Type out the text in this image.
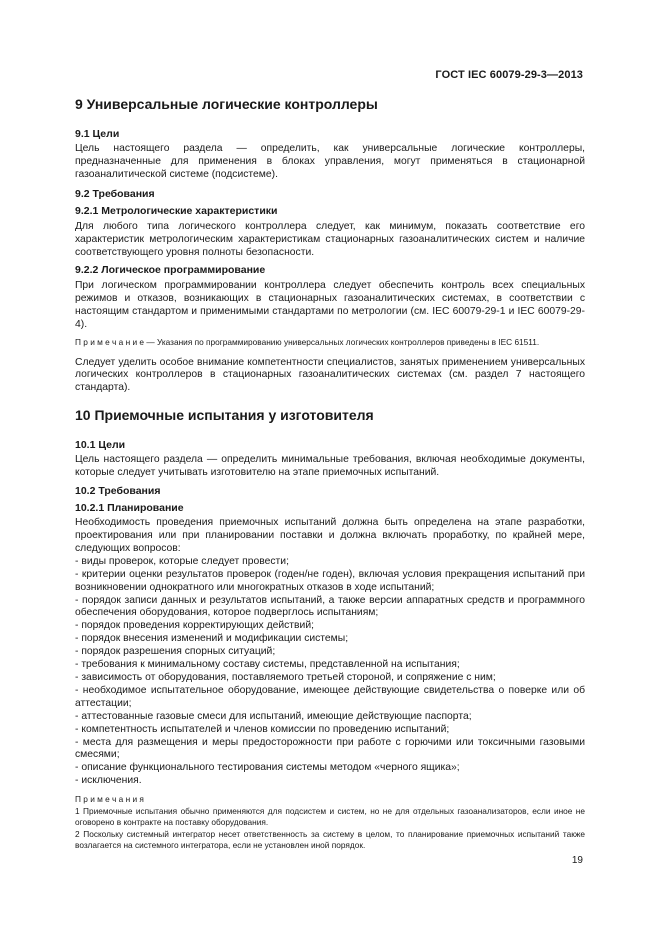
ГОСТ IEC 60079-29-3—2013
9 Универсальные логические контроллеры
9.1 Цели

Цель настоящего раздела — определить, как универсальные логические контроллеры, предназначенные для применения в блоках управления, могут применяться в стационарной газоаналитической системе (подсистеме).

9.2 Требования
9.2.1 Метрологические характеристики

Для любого типа логического контроллера следует, как минимум, показать соответствие его характеристик метрологическим характеристикам стационарных газоаналитических систем и наличие соответствующего уровня полноты безопасности.

9.2.2 Логическое программирование

При логическом программировании контроллера следует обеспечить контроль всех специальных режимов и отказов, возникающих в стационарных газоаналитических системах, в соответствии с настоящим стандартом и применимыми стандартами по метрологии (см. IEC 60079-29-1 и IEC 60079-29-4).

П р и м е ч а н и е — Указания по программированию универсальных логических контроллеров приведены в IEC 61511.

Следует уделить особое внимание компетентности специалистов, занятых применением универсальных логических контроллеров в стационарных газоаналитических системах (см. раздел 7 настоящего стандарта).

10 Приемочные испытания у изготовителя
10.1 Цели

Цель настоящего раздела — определить минимальные требования, включая необходимые документы, которые следует учитывать изготовителю на этапе приемочных испытаний.

10.2 Требования
10.2.1 Планирование

Необходимость проведения приемочных испытаний должна быть определена на этапе разработки, проектирования или при планировании поставки и должна включать проработку, по крайней мере, следующих вопросов:

- виды проверок, которые следует провести;

- критерии оценки результатов проверок (годен/не годен), включая условия прекращения испытаний при возникновении однократного или многократных отказов в ходе испытаний;

- порядок записи данных и результатов испытаний, а также версии аппаратных средств и программного обеспечения оборудования, которое подверглось испытаниям;

- порядок проведения корректирующих действий;

- порядок внесения изменений и модификации системы;

- порядок разрешения спорных ситуаций;

- требования к минимальному составу системы, представленной на испытания;

- зависимость от оборудования, поставляемого третьей стороной, и сопряжение с ним;

- необходимое испытательное оборудование, имеющее действующие свидетельства о поверке или об аттестации;

- аттестованные газовые смеси для испытаний, имеющие действующие паспорта;

- компетентность испытателей и членов комиссии по проведению испытаний;

- места для размещения и меры предосторожности при работе с горючими или токсичными газовыми смесями;

- описание функционального тестирования системы методом «черного ящика»;

- исключения.

П р и м е ч а н и я

1 Приемочные испытания обычно применяются для подсистем и систем, но не для отдельных газоанализаторов, если иное не оговорено в контракте на поставку оборудования.

2 Поскольку системный интегратор несет ответственность за систему в целом, то планирование приемочных испытаний также возлагается на системного интегратора, если не установлен иной порядок.

19
